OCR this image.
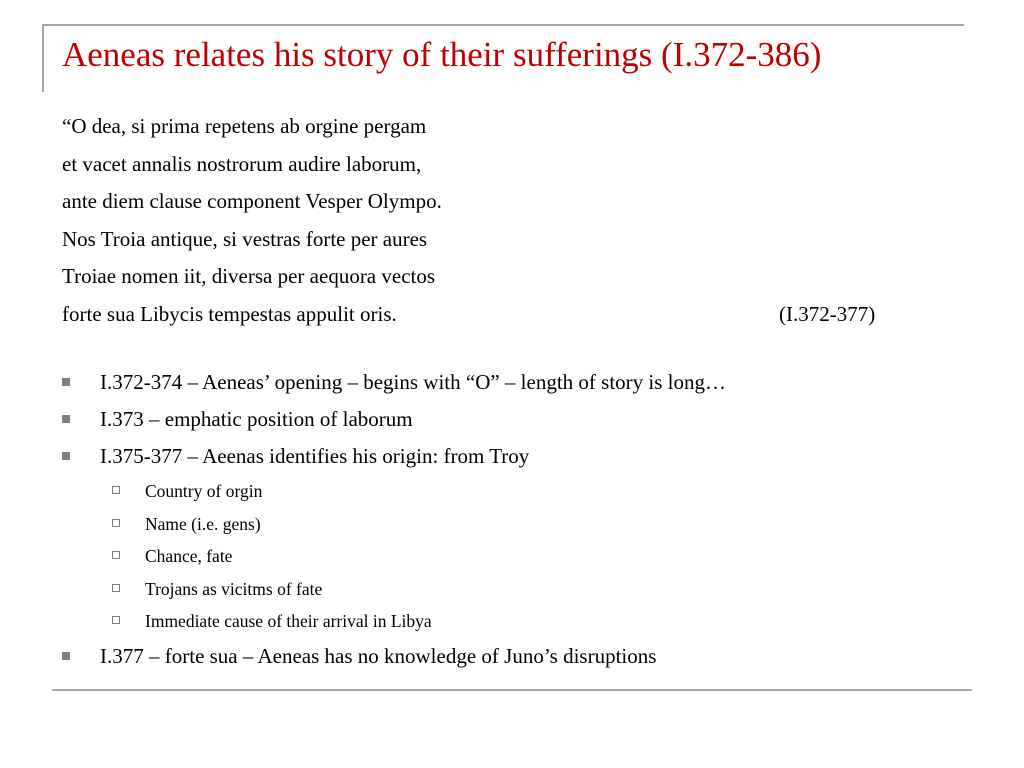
Aeneas relates his story of their sufferings (I.372-386)
“O dea, si prima repetens ab orgine pergam
et vacet annalis nostrorum audire laborum,
ante diem clause component Vesper Olympo.
Nos Troia antique, si vestras forte per aures
Troiae nomen iit, diversa per aequora vectos
forte sua Libycis tempestas appulit oris.	(I.372-377)
I.372-374 – Aeneas’ opening – begins with “O” – length of story is long…
I.373 – emphatic position of laborum
I.375-377 – Aeenas identifies his origin: from Troy
Country of orgin
Name (i.e. gens)
Chance, fate
Trojans as vicitms of fate
Immediate cause of their arrival in Libya
I.377 – forte sua – Aeneas has no knowledge of Juno’s disruptions
